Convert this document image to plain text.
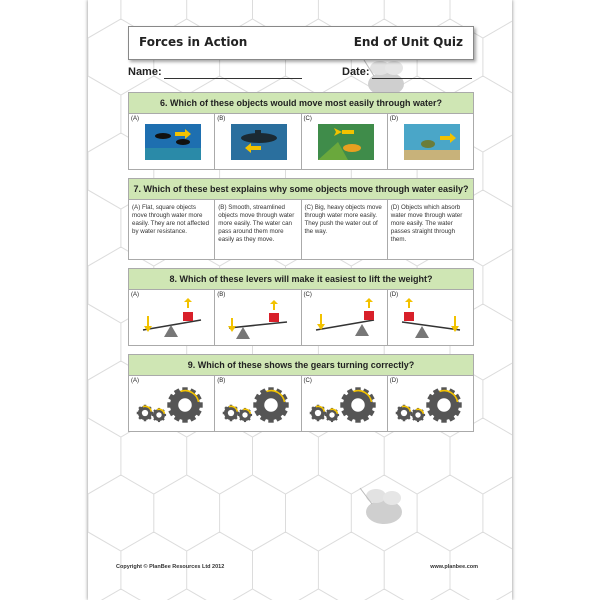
Forces in Action	End of Unit Quiz
Name:	Date:
6. Which of these objects would move most easily through water?
(A)	(B)	(C)	(D)
7. Which of these best explains why some objects move through water easily?
(A) Flat, square objects move through water more easily. They are not affected by water resistance.
(B) Smooth, streamlined objects move through water more easily. The water can pass around them more easily as they move.
(C) Big, heavy objects move through water more easily. They push the water out of the way.
(D) Objects which absorb water move through water more easily. The water passes straight through them.
8. Which of these levers will make it easiest to lift the weight?
(A)	(B)	(C)	(D)
9. Which of these shows the gears turning correctly?
(A)	(B)	(C)	(D)
Copyright © PlanBee Resources Ltd 2012	www.planbee.com
